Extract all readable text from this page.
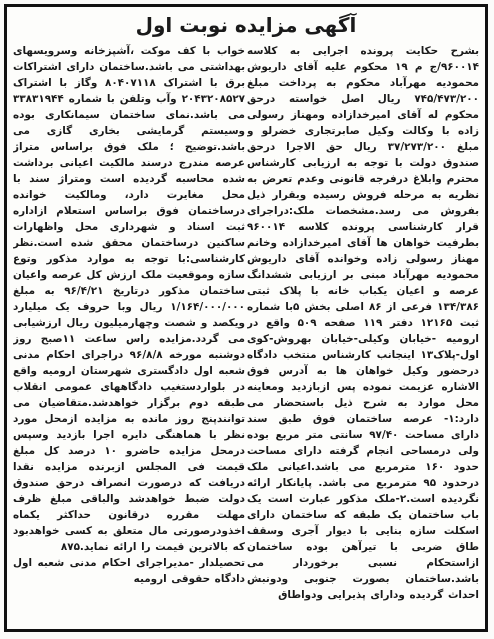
آگهی مزایده نوبت اول

بشرح حکایت پرونده اجرایی به کلاسه ۹۶۰۰۱۴/ج م ۱۹ محکوم علیه آقای داریوش محمودیه مهرآباد محکوم به پرداخت مبلغ ۷۴۵/۴۷۳/۲۰۰ ریال اصل خواسته درحق محکوم له آقای امیرخدازاده ومهناز رسولی زاده با وکالت وکیل صابرتجاری خضرلو و مبلغ ۳۷/۲۷۳/۲۰۰ ریال حق الاجرا درحق صندوق دولت با توجه به ارزیابی کارشناس محترم وابلاغ درفرجه قانونی وعدم تعرض به نظریه به مرحله فروش رسیده وبقرار ذیل بفروش می رسد.مشخصات ملک:دراجرای قرار کارشناسی پرونده کلاسه ۹۶۰۰۱۴ بطرفیت خواهان ها آقای امیرخدازاده وخانم مهناز رسولی زاده وخوانده آقای داریوش محمودیه مهرآباد مبنی بر ارزیابی ششدانگ عرصه و اعیان یکباب خانه با پلاک ثبتی ۱۳۴/۳۸۶ فرعی از ۸۶ اصلی بخش ۵با شماره ثبت ۱۲۱۶۵ دفتر ۱۱۹ صفحه ۵۰۹ واقع در ارومیه -خیابان وکیلی-خیابان بهروش-کوی اول-پلاک۱۳ اینجانب کارشناس منتخب دادگاه درحضور وکیل خواهان ها به آدرس فوق الاشاره عزیمت نموده پس ازبازدید ومعاینه محل موارد به شرح ذیل باستحضار می دارد:۱- عرصه ساختمان فوق طبق سند دارای مساحت ۹۷/۴۰ سانتی متر مربع بوده ولی درمساحی انجام گرفته دارای مساحت حدود ۱۶۰ مترمربع می باشد.اعیانی ملک درحدود ۹۵ مترمربع می باشد. پایانکار ارائه نگردیده است.۲-ملک مذکور عبارت است یک باب ساختمان یک طبقه که ساختمان دارای اسکلت سازه بنایی با دیوار آجری وسقف طاق ضربی با تیرآهن بوده ساختمان ازاستحکام نسبی برخوردار می باشد.ساختمان بصورت جنوبی ودونبش احداث گردیده ودارای پذیرایی ودواطاق

خواب با کف موکت ،آشپزخانه وسرویسهای بهداشتی می باشد.ساختمان دارای اشتراکات برق با اشتراک ۸۰۴۰۷۱۱۸ وگاز با اشتراک ۲۰۴۳۲۰۸۵۲۷ وآب وتلفن با شماره ۳۳۸۳۱۹۴۴ می باشد.نمای ساختمان سیمانکاری بوده وسیستم گرمایشی بخاری گازی می باشد.توضیح ؛ ملک فوق براساس متراژ عرصه مندرج درسند مالکیت اعیانی برداشت شده محاسبه گردیده است ومتراژ سند با محل مغایرت دارد، ومالکیت خوانده درساختمان فوق براساس استعلام ازاداره ثبت اسناد و شهرداری محل واظهارات ساکنین درساختمان محقق شده است.نظر کارشناسی:با توجه به موارد مذکور وتوع سازه وموقعیت ملک ارزش کل عرصه واعیان ساختمان مذکور درتاریخ ۹۶/۴/۲۱ به مبلغ ۱/۱۶۴/۰۰۰/۰۰۰ ریال وبا حروف یک میلیارد ویکصد و شصت وچهارمیلیون ریال ارزشیابی می گردد.مزایده راس ساعت ۱۱صبح روز دوشنبه مورخه ۹۶/۸/۸ دراجرای احکام مدنی شعبه اول دادگستری شهرستان ارومیه واقع در بلواردستغیب دادگاههای عمومی انقلاب طبقه دوم برگزار خواهدشد.متقاضیان می توانندپنج روز مانده به مزایده ازمحل مورد نظر با هماهنگی دایره اجرا بازدید وسپس درمحل مزایده حاضرو ۱۰ درصد کل مبلغ قیمت فی المجلس ازبرنده مزایده نقدا دریافت که درصورت انصراف درحق صندوق دولت ضبط خواهدشد والباقی مبلغ ظرف مهلت مقرره درقانون حداکثر یکماه اخذودرصورتی مال متعلق به کسی خواهدبود که بالاترین قیمت را ارائه نماید.۸۷۵

تحصیلدار -مدیراجرای احکام مدنی شعبه اول دادگاه حقوقی ارومیه
